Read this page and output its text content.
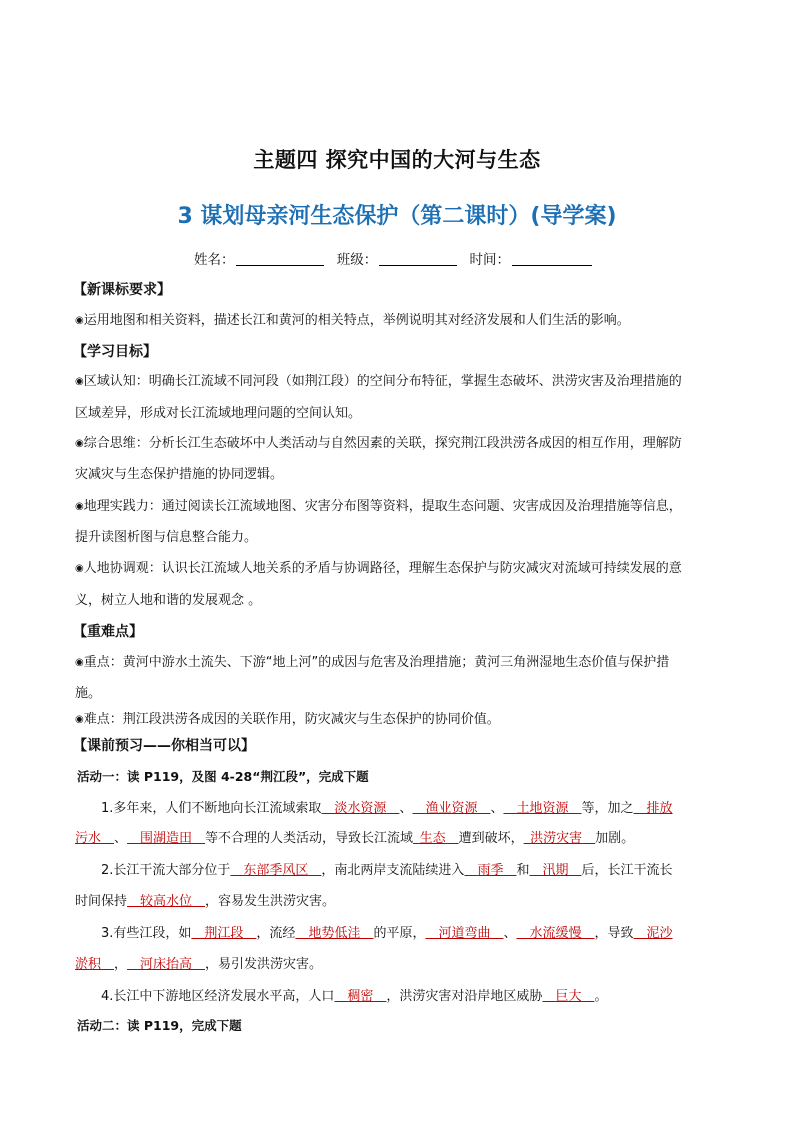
主题四 探究中国的大河与生态
3 谋划母亲河生态保护（第二课时）(导学案)
姓名：	班级：	时间：
【新课标要求】
◉运用地图和相关资料，描述长江和黄河的相关特点，举例说明其对经济发展和人们生活的影响。
【学习目标】
◉区域认知：明确长江流域不同河段（如荆江段）的空间分布特征，掌握生态破坏、洪涝灾害及治理措施的
区域差异，形成对长江流域地理问题的空间认知。
◉综合思维：分析长江生态破坏中人类活动与自然因素的关联，探究荆江段洪涝各成因的相互作用，理解防
灾减灾与生态保护措施的协同逻辑。
◉地理实践力：通过阅读长江流域地图、灾害分布图等资料，提取生态问题、灾害成因及治理措施等信息，
提升读图析图与信息整合能力。
◉人地协调观：认识长江流域人地关系的矛盾与协调路径，理解生态保护与防灾减灾对流域可持续发展的意
义，树立人地和谐的发展观念 。
【重难点】
◉重点：黄河中游水土流失、下游“地上河”的成因与危害及治理措施；黄河三角洲湿地生态价值与保护措
施。
◉难点：荆江段洪涝各成因的关联作用，防灾减灾与生态保护的协同价值。
【课前预习——你相当可以】
活动一：读 P119，及图 4-28“荆江段”，完成下题
1.多年来，人们不断地向长江流域索取   淡水资源   、   渔业资源   、   土地资源   等，加之   排放
污水   、   围湖造田   等不合理的人类活动，导致长江流域  生态   遭到破坏，  洪涝灾害   加剧。
2.长江干流大部分位于   东部季风区   ，南北两岸支流陆续进入   雨季   和   汛期   后，长江干流长
时间保持   较高水位   ，容易发生洪涝灾害。
3.有些江段，如   荆江段   ，流经   地势低洼   的平原，   河道弯曲   、   水流缓慢   ，导致   泥沙
淤积   ，   河床抬高   ，易引发洪涝灾害。
4.长江中下游地区经济发展水平高，人口   稠密   ，洪涝灾害对沿岸地区威胁   巨大   。
活动二：读 P119，完成下题
